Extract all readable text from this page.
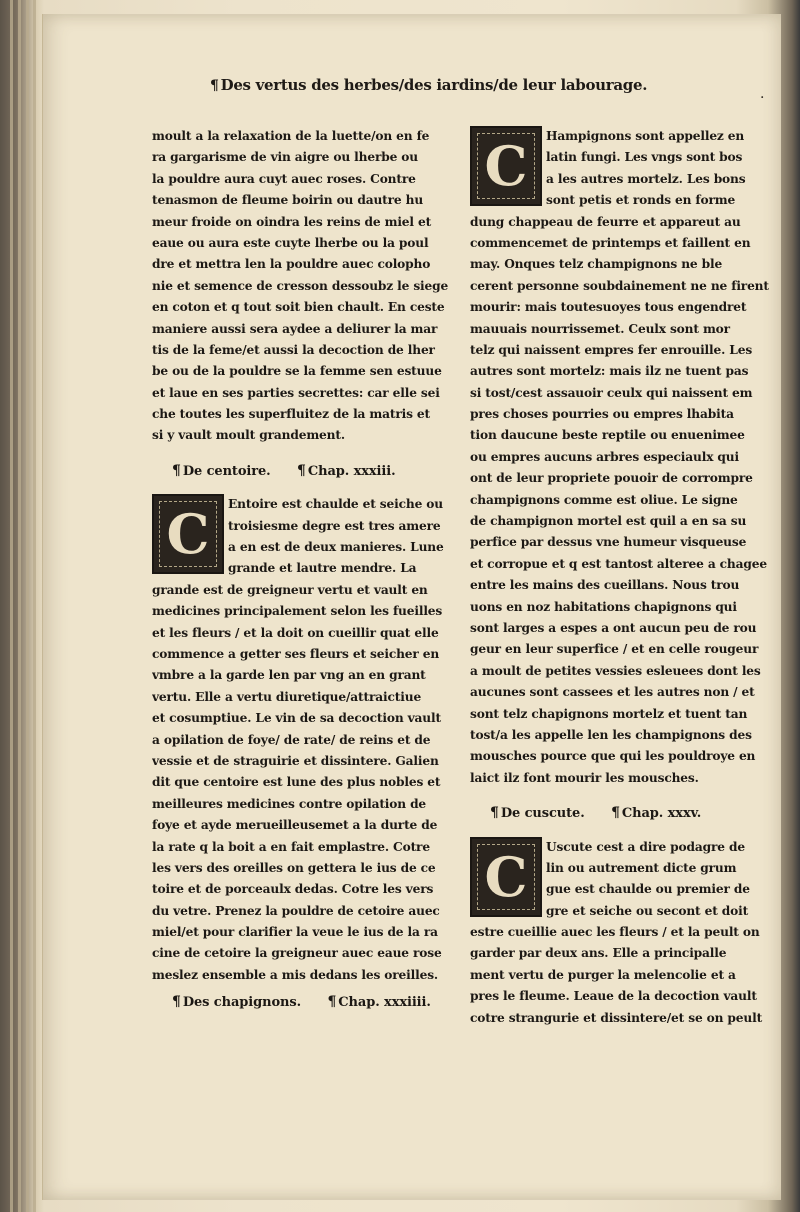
¶ Des vertus des herbes/des iardins/de leur labourage.
·
moult a la relaxation de la luette/on en fe
ra gargarisme de vin aigre ou lherbe ou
la pouldre aura cuyt auec roses. Contre
tenasmon de fleume boirin ou dautre hu
meur froide on oindra les reins de miel et
eaue ou aura este cuyte lherbe ou la poul
dre et mettra len la pouldre auec colopho
nie et semence de cresson dessoubz le siege
en coton et q tout soit bien chault. En ceste
maniere aussi sera aydee a deliurer la mar
tis de la feme/et aussi la decoction de lher
be ou de la pouldre se la femme sen estuue
et laue en ses parties secrettes: car elle sei
che toutes les superfluitez de la matris et
si y vault moult grandement.
¶ De centoire. ¶ Chap. xxxiii.
C	Entoire est chaulde et seiche ou
troisiesme degre est tres amere
a en est de deux manieres. Lune
grande et lautre mendre. La
grande est de greigneur vertu et vault en
medicines principalement selon les fueilles
et les fleurs / et la doit on cueillir quat elle
commence a getter ses fleurs et seicher en
vmbre a la garde len par vng an en grant
vertu. Elle a vertu diuretique/attraictiue
et cosumptiue. Le vin de sa decoction vault
a opilation de foye/ de rate/ de reins et de
vessie et de straguirie et dissintere. Galien
dit que centoire est lune des plus nobles et
meilleures medicines contre opilation de
foye et ayde merueilleusemet a la durte de
la rate q la boit a en fait emplastre. Cotre
les vers des oreilles on gettera le ius de ce
toire et de porceaulx dedas. Cotre les vers
du vetre. Prenez la pouldre de cetoire auec
miel/et pour clarifier la veue le ius de la ra
cine de cetoire la greigneur auec eaue rose
meslez ensemble a mis dedans les oreilles.
¶ Des chapignons. ¶ Chap. xxxiiii.
C	Hampignons sont appellez en
latin fungi. Les vngs sont bos
a les autres mortelz. Les bons
sont petis et ronds en forme
dung chappeau de feurre et appareut au
commencemet de printemps et faillent en
may. Onques telz champignons ne ble
cerent personne soubdainement ne ne firent
mourir: mais toutesuoyes tous engendret
mauuais nourrissemet. Ceulx sont mor
telz qui naissent empres fer enrouille. Les
autres sont mortelz: mais ilz ne tuent pas
si tost/cest assauoir ceulx qui naissent em
pres choses pourries ou empres lhabita
tion daucune beste reptile ou enuenimee
ou empres aucuns arbres especiaulx qui
ont de leur propriete pouoir de corrompre
champignons comme est oliue. Le signe
de champignon mortel est quil a en sa su
perfice par dessus vne humeur visqueuse
et corropue et q est tantost alteree a chagee
entre les mains des cueillans. Nous trou
uons en noz habitations chapignons qui
sont larges a espes a ont aucun peu de rou
geur en leur superfice / et en celle rougeur
a moult de petites vessies esleuees dont les
aucunes sont cassees et les autres non / et
sont telz chapignons mortelz et tuent tan
tost/a les appelle len les champignons des
mousches pource que qui les pouldroye en
laict ilz font mourir les mousches.
¶ De cuscute. ¶ Chap. xxxv.
C	Uscute cest a dire podagre de
lin ou autrement dicte grum
gue est chaulde ou premier de
gre et seiche ou secont et doit
estre cueillie auec les fleurs / et la peult on
garder par deux ans. Elle a principalle
ment vertu de purger la melencolie et a
pres le fleume. Leaue de la decoction vault
cotre strangurie et dissintere/et se on peult
